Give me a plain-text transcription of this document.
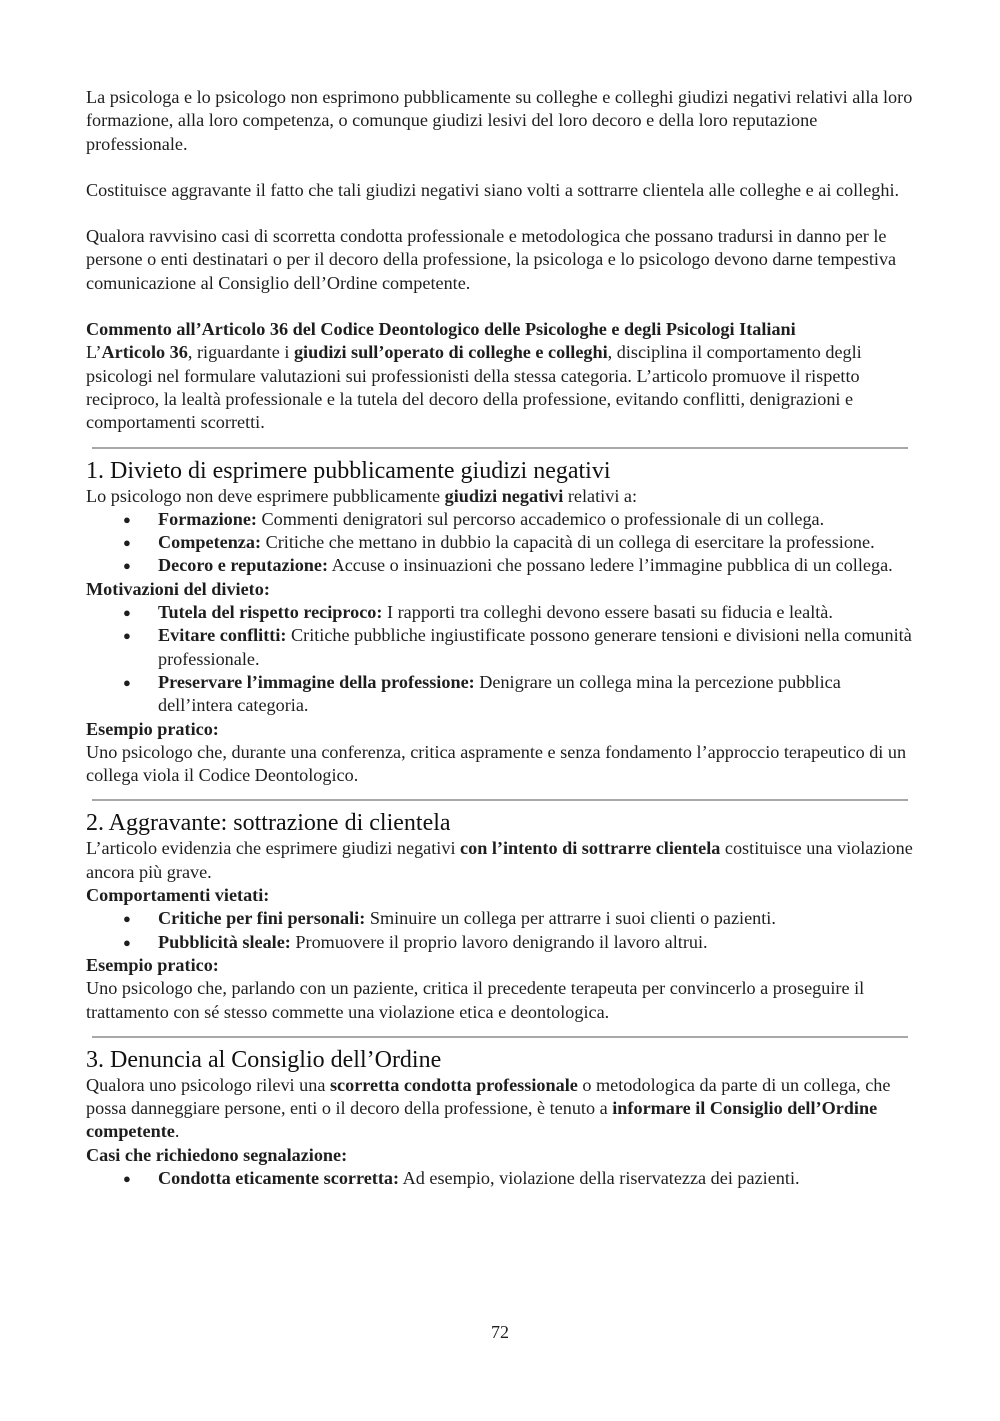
La psicologa e lo psicologo non esprimono pubblicamente su colleghe e colleghi giudizi negativi relativi alla loro formazione, alla loro competenza, o comunque giudizi lesivi del loro decoro e della loro reputazione professionale.

Costituisce aggravante il fatto che tali giudizi negativi siano volti a sottrarre clientela alle colleghe e ai colleghi.

Qualora ravvisino casi di scorretta condotta professionale e metodologica che possano tradursi in danno per le persone o enti destinatari o per il decoro della professione, la psicologa e lo psicologo devono darne tempestiva comunicazione al Consiglio dell’Ordine competente.

Commento all’Articolo 36 del Codice Deontologico delle Psicologhe e degli Psicologi Italiani

L’Articolo 36, riguardante i giudizi sull’operato di colleghe e colleghi, disciplina il comportamento degli psicologi nel formulare valutazioni sui professionisti della stessa categoria. L’articolo promuove il rispetto reciproco, la lealtà professionale e la tutela del decoro della professione, evitando conflitti, denigrazioni e comportamenti scorretti.

1. Divieto di esprimere pubblicamente giudizi negativi

Lo psicologo non deve esprimere pubblicamente giudizi negativi relativi a:

● Formazione: Commenti denigratori sul percorso accademico o professionale di un collega.
● Competenza: Critiche che mettano in dubbio la capacità di un collega di esercitare la professione.
● Decoro e reputazione: Accuse o insinuazioni che possano ledere l’immagine pubblica di un collega.

Motivazioni del divieto:

● Tutela del rispetto reciproco: I rapporti tra colleghi devono essere basati su fiducia e lealtà.
● Evitare conflitti: Critiche pubbliche ingiustificate possono generare tensioni e divisioni nella comunità professionale.
● Preservare l’immagine della professione: Denigrare un collega mina la percezione pubblica dell’intera categoria.

Esempio pratico:

Uno psicologo che, durante una conferenza, critica aspramente e senza fondamento l’approccio terapeutico di un collega viola il Codice Deontologico.

2. Aggravante: sottrazione di clientela

L’articolo evidenzia che esprimere giudizi negativi con l’intento di sottrarre clientela costituisce una violazione ancora più grave.

Comportamenti vietati:

● Critiche per fini personali: Sminuire un collega per attrarre i suoi clienti o pazienti.
● Pubblicità sleale: Promuovere il proprio lavoro denigrando il lavoro altrui.

Esempio pratico:

Uno psicologo che, parlando con un paziente, critica il precedente terapeuta per convincerlo a proseguire il trattamento con sé stesso commette una violazione etica e deontologica.

3. Denuncia al Consiglio dell’Ordine

Qualora uno psicologo rilevi una scorretta condotta professionale o metodologica da parte di un collega, che possa danneggiare persone, enti o il decoro della professione, è tenuto a informare il Consiglio dell’Ordine competente.

Casi che richiedono segnalazione:

● Condotta eticamente scorretta: Ad esempio, violazione della riservatezza dei pazienti.
72
